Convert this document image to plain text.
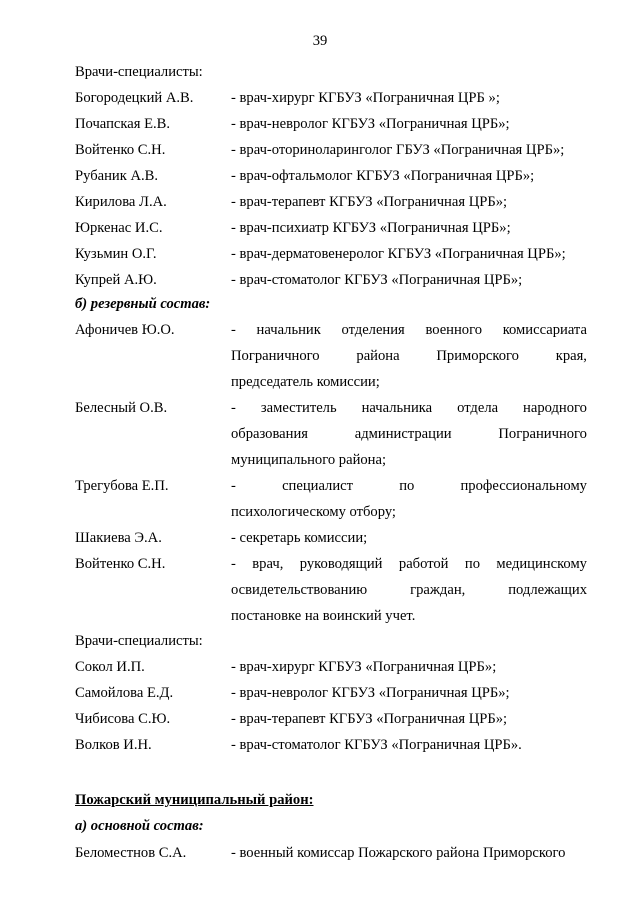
39
Врачи-специалисты:
Богородецкий А.В.	- врач-хирург КГБУЗ «Пограничная ЦРБ »;
Почапская Е.В.	- врач-невролог КГБУЗ «Пограничная ЦРБ»;
Войтенко С.Н.	- врач-оториноларинголог ГБУЗ «Пограничная ЦРБ»;
Рубаник А.В.	- врач-офтальмолог КГБУЗ «Пограничная ЦРБ»;
Кирилова Л.А.	- врач-терапевт КГБУЗ «Пограничная ЦРБ»;
Юркенас И.С.	- врач-психиатр КГБУЗ «Пограничная ЦРБ»;
Кузьмин О.Г.	- врач-дерматовенеролог КГБУЗ «Пограничная ЦРБ»;
Купрей А.Ю.	- врач-стоматолог КГБУЗ «Пограничная ЦРБ»;
б) резервный состав:
Афоничев Ю.О.	- начальник отделения военного комиссариата
Пограничного	района	Приморского	края,
председатель комиссии;
Белесный О.В.	- заместитель начальника отдела народного
образования	администрации	Пограничного
муниципального района;
Трегубова Е.П.	-	специалист	по	профессиональному
психологическому отбору;
Шакиева Э.А.	- секретарь комиссии;
Войтенко С.Н.	- врач, руководящий работой по медицинскому
освидетельствованию	граждан,	подлежащих
постановке на воинский учет.
Врачи-специалисты:
Сокол И.П.	- врач-хирург КГБУЗ «Пограничная ЦРБ»;
Самойлова Е.Д.	- врач-невролог КГБУЗ «Пограничная ЦРБ»;
Чибисова С.Ю.	- врач-терапевт КГБУЗ «Пограничная ЦРБ»;
Волков И.Н.	- врач-стоматолог КГБУЗ «Пограничная ЦРБ».
Пожарский муниципальный район:
а) основной состав:
Беломестнов С.А.	- военный комиссар Пожарского района Приморского
